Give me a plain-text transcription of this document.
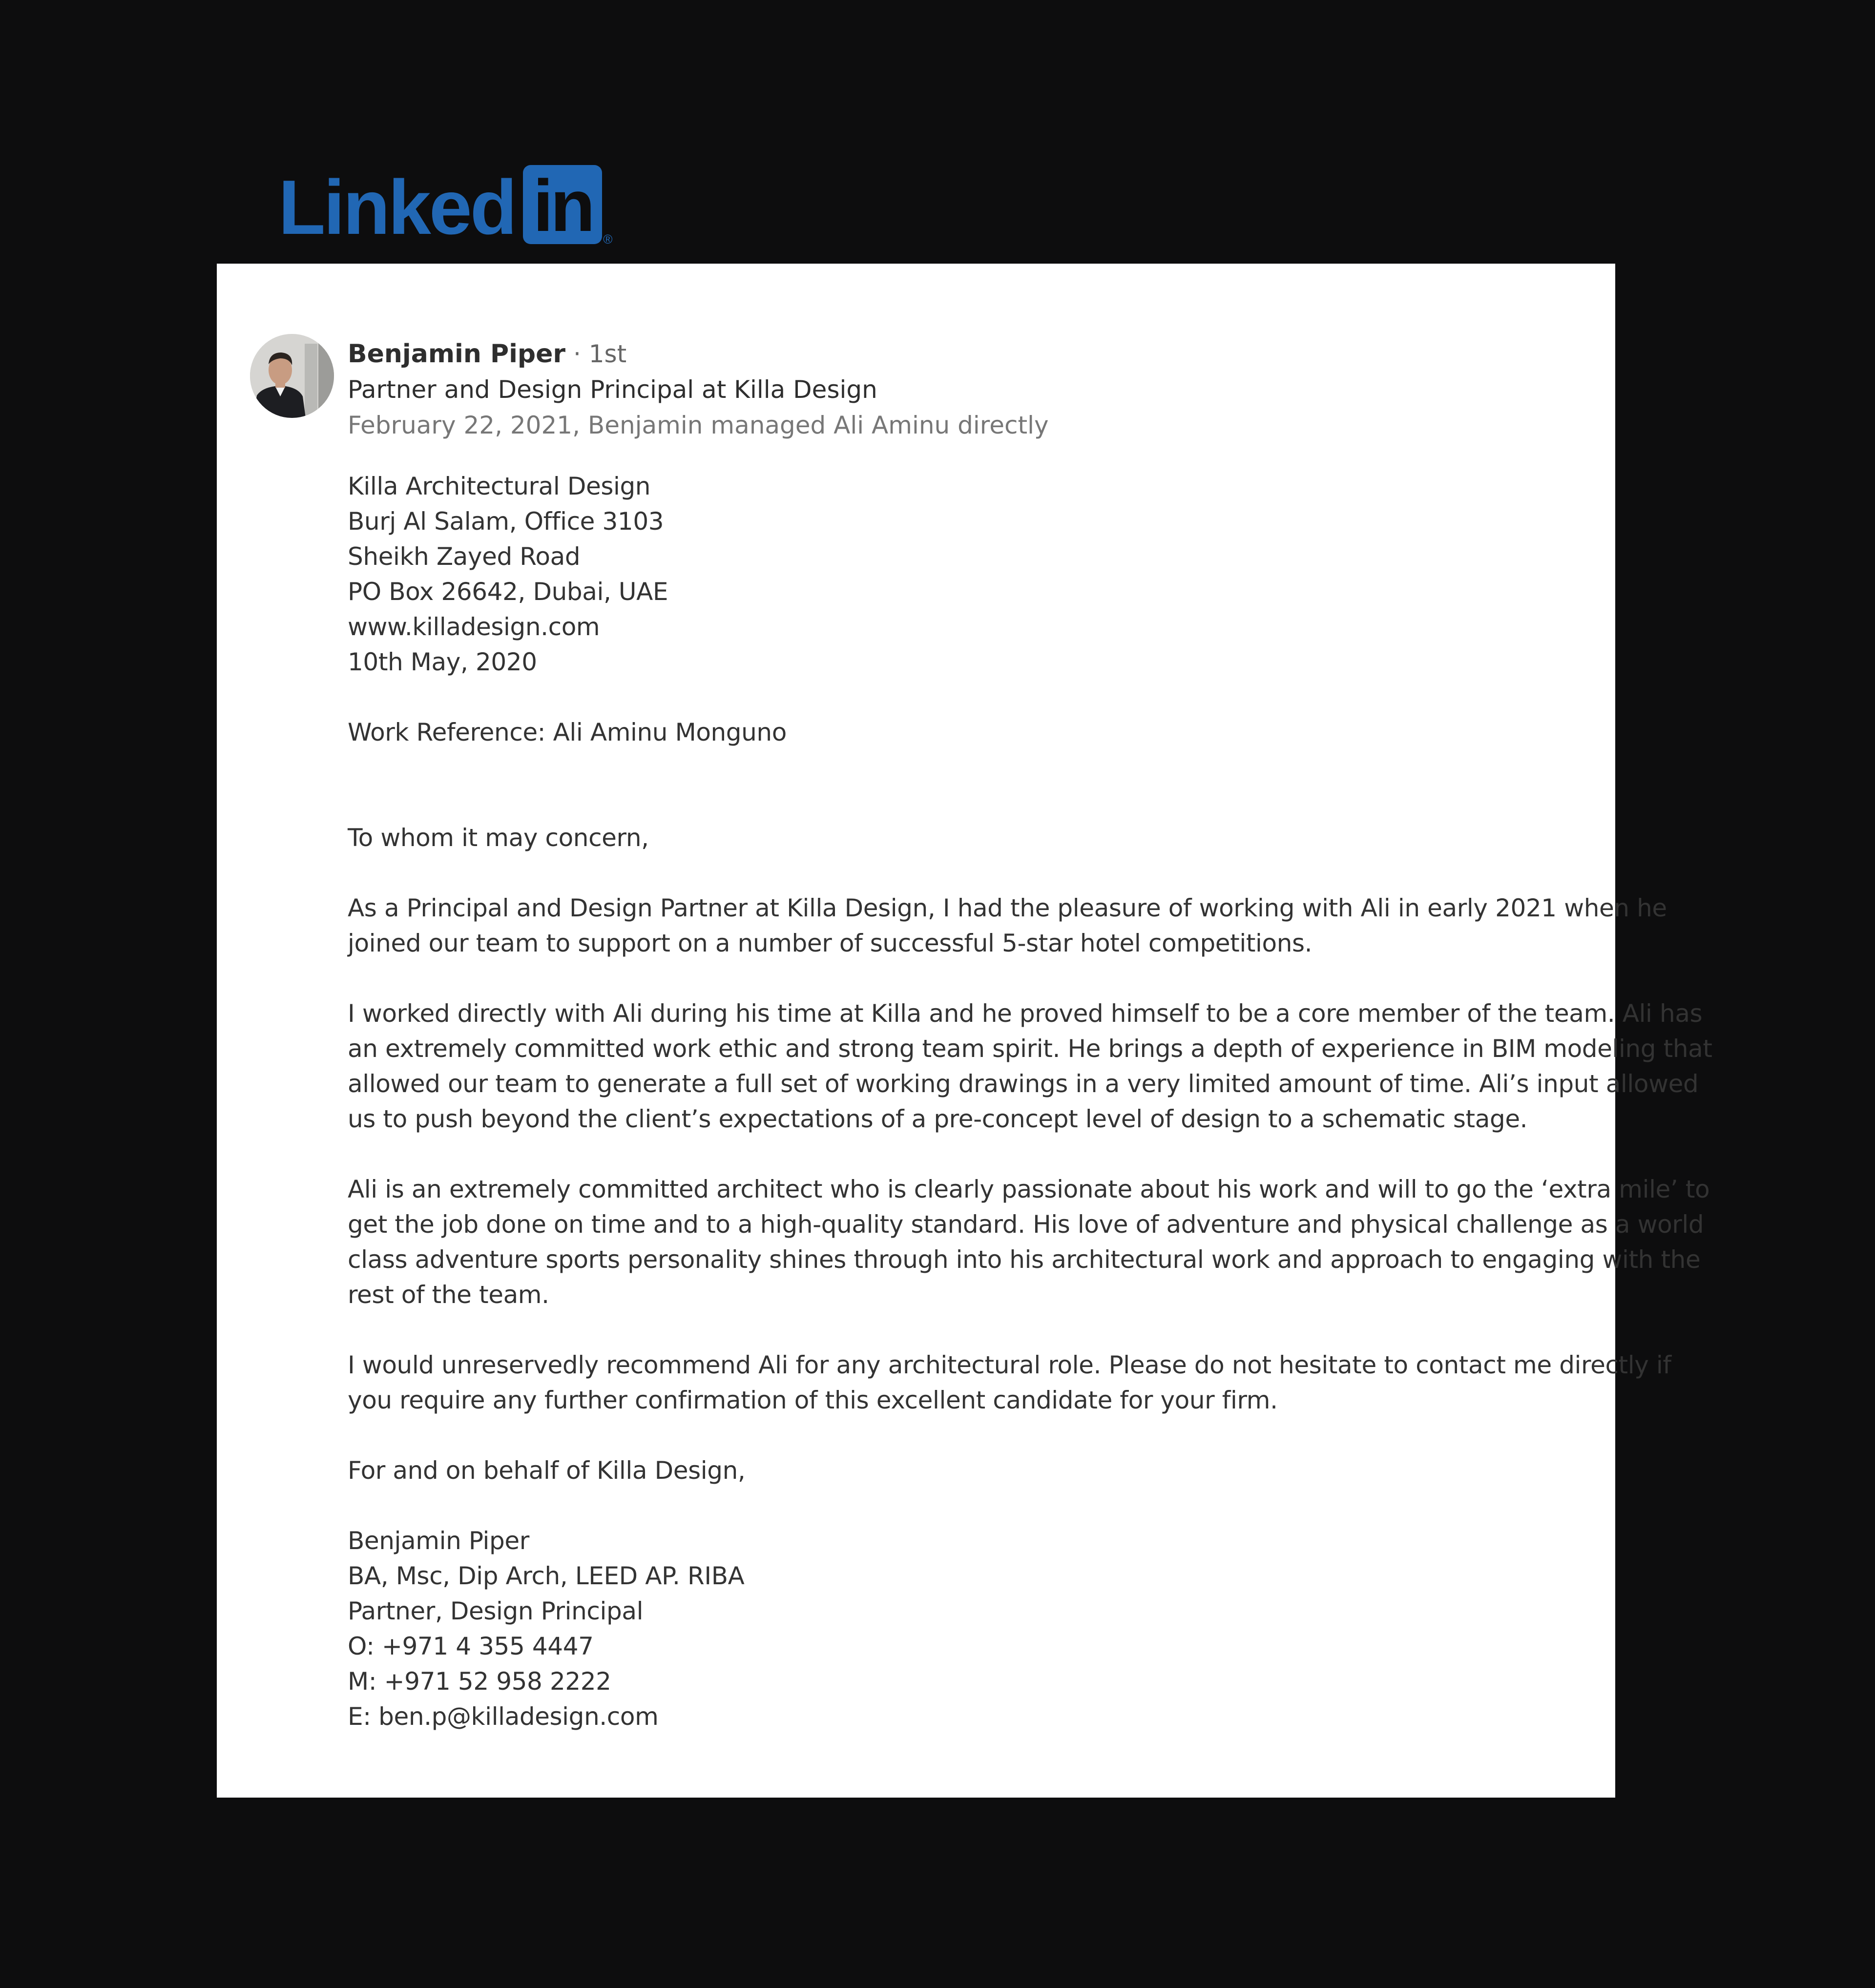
Linked in ®
Benjamin Piper · 1st
Partner and Design Principal at Killa Design
February 22, 2021, Benjamin managed Ali Aminu directly
Killa Architectural Design
Burj Al Salam, Office 3103
Sheikh Zayed Road
PO Box 26642, Dubai, UAE
www.killadesign.com
10th May, 2020
Work Reference: Ali Aminu Monguno
To whom it may concern,
As a Principal and Design Partner at Killa Design, I had the pleasure of working with Ali in early 2021 when he
joined our team to support on a number of successful 5-star hotel competitions.
I worked directly with Ali during his time at Killa and he proved himself to be a core member of the team. Ali has
an extremely committed work ethic and strong team spirit. He brings a depth of experience in BIM modeling that
allowed our team to generate a full set of working drawings in a very limited amount of time. Ali’s input allowed
us to push beyond the client’s expectations of a pre-concept level of design to a schematic stage.
Ali is an extremely committed architect who is clearly passionate about his work and will to go the ‘extra mile’ to
get the job done on time and to a high-quality standard. His love of adventure and physical challenge as a world
class adventure sports personality shines through into his architectural work and approach to engaging with the
rest of the team.
I would unreservedly recommend Ali for any architectural role. Please do not hesitate to contact me directly if
you require any further confirmation of this excellent candidate for your firm.
For and on behalf of Killa Design,
Benjamin Piper
BA, Msc, Dip Arch, LEED AP. RIBA
Partner, Design Principal
O: +971 4 355 4447
M: +971 52 958 2222
E: ben.p@killadesign.com
